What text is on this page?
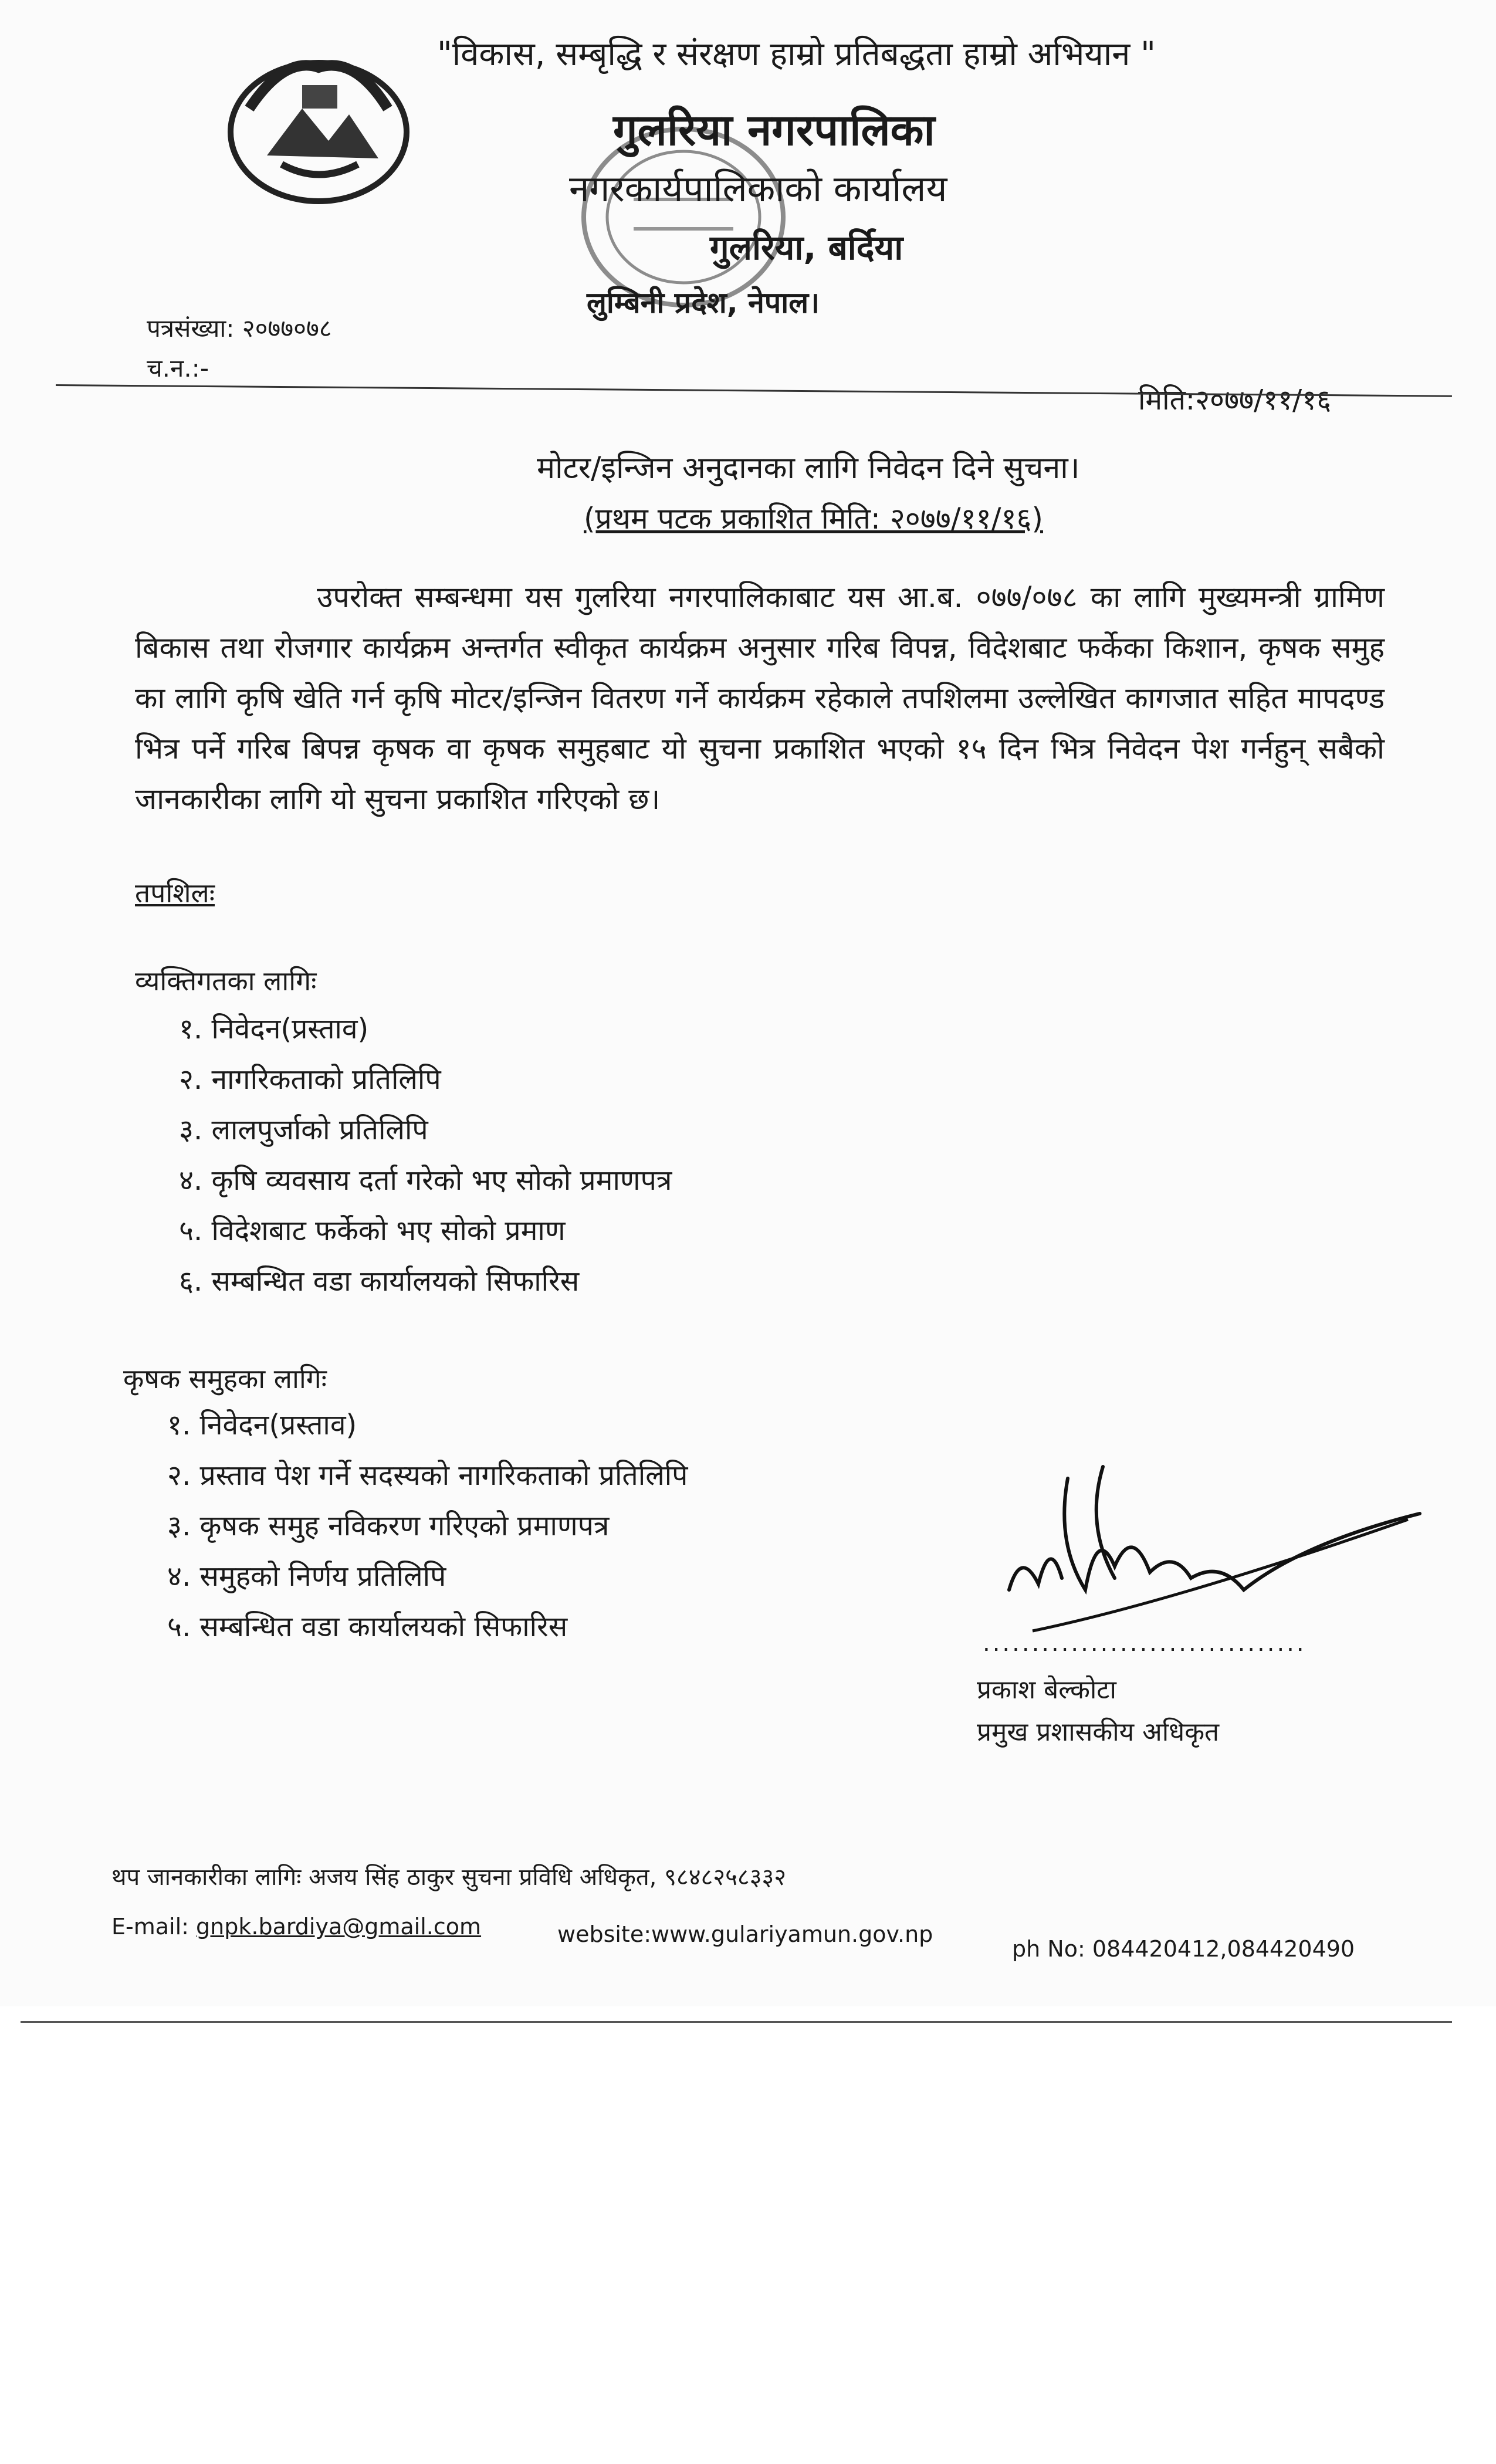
"विकास, सम्बृद्धि र संरक्षण हाम्रो प्रतिबद्धता हाम्रो अभियान "
गुलरिया नगरपालिका
नगरकार्यपालिकाको कार्यालय
गुलरिया, बर्दिया
लुम्बिनी प्रदेश, नेपाल।
पत्रसंख्या: २०७७०७८
च.न.:-
मिति:२०७७/११/१६
मोटर/इन्जिन अनुदानका लागि निवेदन दिने सुचना।
(प्रथम पटक प्रकाशित मिति: २०७७/११/१६)

उपरोक्त सम्बन्धमा यस गुलरिया नगरपालिकाबाट यस आ.ब. ०७७/०७८ का लागि मुख्यमन्त्री ग्रामिण बिकास तथा रोजगार कार्यक्रम अन्तर्गत स्वीकृत कार्यक्रम अनुसार गरिब विपन्न, विदेशबाट फर्केका किशान, कृषक समुह का लागि कृषि खेति गर्न कृषि मोटर/इन्जिन वितरण गर्ने कार्यक्रम रहेकाले तपशिलमा उल्लेखित कागजात सहित मापदण्ड भित्र पर्ने गरिब बिपन्न कृषक वा कृषक समुहबाट यो सुचना प्रकाशित भएको १५ दिन भित्र निवेदन पेश गर्नहुन् सबैको जानकारीका लागि यो सुचना प्रकाशित गरिएको छ।

तपशिलः
व्यक्तिगतका लागिः
१. निवेदन(प्रस्ताव)
२. नागरिकताको प्रतिलिपि
३. लालपुर्जाको प्रतिलिपि
४. कृषि व्यवसाय दर्ता गरेको भए सोको प्रमाणपत्र
५. विदेशबाट फर्केको भए सोको प्रमाण
६. सम्बन्धित वडा कार्यालयको सिफारिस
कृषक समुहका लागिः
१. निवेदन(प्रस्ताव)
२. प्रस्ताव पेश गर्ने सदस्यको नागरिकताको प्रतिलिपि
३. कृषक समुह नविकरण गरिएको प्रमाणपत्र
४. समुहको निर्णय प्रतिलिपि
५. सम्बन्धित वडा कार्यालयको सिफारिस	.................................
प्रकाश बेल्कोटा
प्रमुख प्रशासकीय अधिकृत
थप जानकारीका लागिः अजय सिंह ठाकुर सुचना प्रविधि अधिकृत, ९८४८२५८३३२
E-mail: gnpk.bardiya@gmail.com	website:www.gulariyamun.gov.np
ph No: 084420412,084420490
